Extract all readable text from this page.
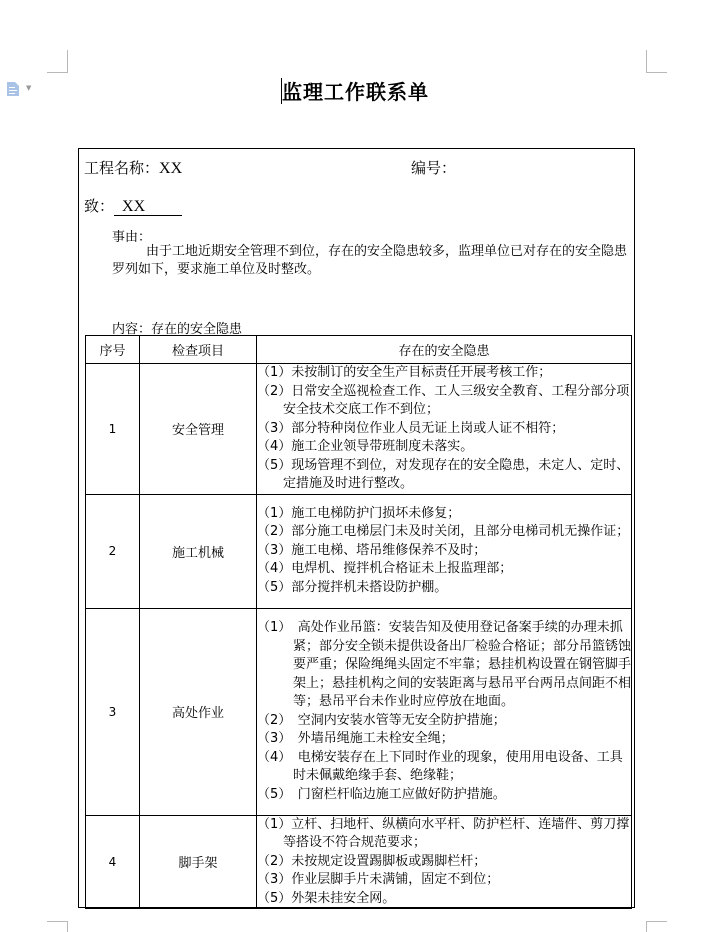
▼	监理工作联系单
工程名称：XX	编号：
致： XX
事由：
由于工地近期安全管理不到位，存在的安全隐患较多，监理单位已对存在的安全隐患罗列如下，要求施工单位及时整改。
内容：存在的安全隐患
序号	检查项目	存在的安全隐患
1	安全管理	（1）未按制订的安全生产目标责任开展考核工作；
（2）日常安全巡视检查工作、工人三级安全教育、工程分部分项安全技术交底工作不到位；
（3）部分特种岗位作业人员无证上岗或人证不相符；
（4）施工企业领导带班制度未落实。
（5）现场管理不到位，对发现存在的安全隐患，未定人、定时、定措施及时进行整改。

2	施工机械	（1）施工电梯防护门损坏未修复；
（2）部分施工电梯层门未及时关闭，且部分电梯司机无操作证；
（3）施工电梯、塔吊维修保养不及时；
（4）电焊机、搅拌机合格证未上报监理部；
（5）部分搅拌机未搭设防护棚。

3	高处作业	（1）　高处作业吊篮：安装告知及使用登记备案手续的办理未抓紧；部分安全锁未提供设备出厂检验合格证；部分吊篮锈蚀要严重；保险绳绳头固定不牢靠；悬挂机构设置在钢管脚手架上；悬挂机构之间的安装距离与悬吊平台两吊点间距不相等；悬吊平台未作业时应停放在地面。
（2）　空洞内安装水管等无安全防护措施；
（3）　外墙吊绳施工未栓安全绳；
（4）　电梯安装存在上下同时作业的现象，使用用电设备、工具时未佩戴绝缘手套、绝缘鞋；
（5）　门窗栏杆临边施工应做好防护措施。

4	脚手架	（1）立杆、扫地杆、纵横向水平杆、防护栏杆、连墙件、剪刀撑等搭设不符合规范要求；
（2）未按规定设置踢脚板或踢脚栏杆；
（3）作业层脚手片未满铺，固定不到位；
（5）外架未挂安全网。
